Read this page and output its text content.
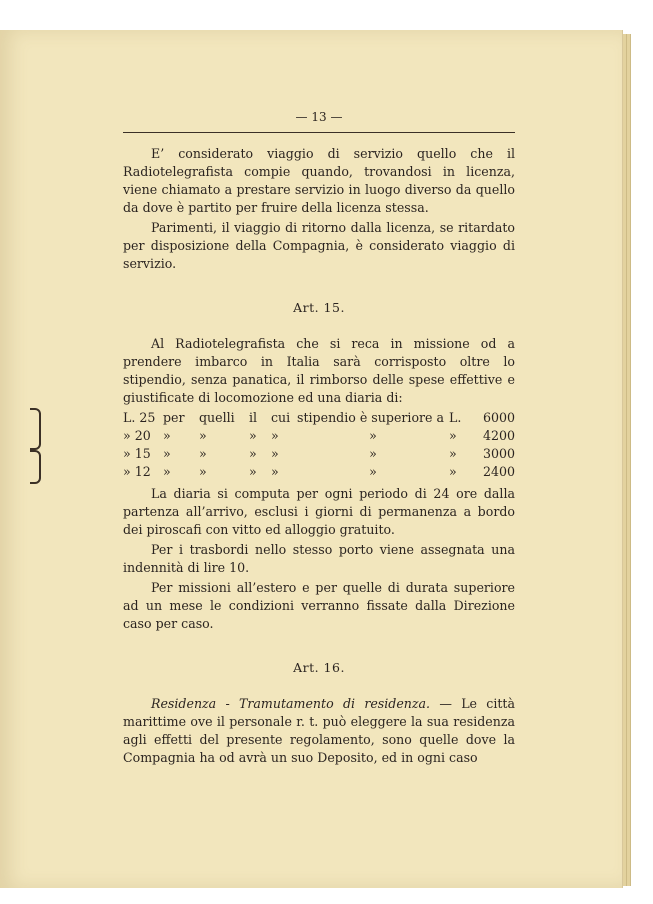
— 13 —

E’ considerato viaggio di servizio quello che il Radiotelegrafista compie quando, trovandosi in licenza, viene chiamato a prestare servizio in luogo diverso da quello da dove è partito per fruire della licenza stessa.

Parimenti, il viaggio di ritorno dalla licenza, se ritardato per disposizione della Compagnia, è considerato viaggio di servizio.

Art. 15.

Al Radiotelegrafista che si reca in missione od a prendere imbarco in Italia sarà corrisposto oltre lo stipendio, senza panatica, il rimborso delle spese effettive e giustificate di locomozione ed una diaria di:

L. 25	per	quelli	il	cui	stipendio è superiore a	L.	6000
» 20	»	»	»	»	»	»	4200
» 15	»	»	»	»	»	»	3000
» 12	»	»	»	»	»	»	2400

La diaria si computa per ogni periodo di 24 ore dalla partenza all’arrivo, esclusi i giorni di permanenza a bordo dei piroscafi con vitto ed alloggio gratuito.

Per i trasbordi nello stesso porto viene assegnata una indennità di lire 10.

Per missioni all’estero e per quelle di durata superiore ad un mese le condizioni verranno fissate dalla Direzione caso per caso.

Art. 16.

Residenza - Tramutamento di residenza. — Le città marittime ove il personale r. t. può eleggere la sua residenza agli effetti del presente regolamento, sono quelle dove la Compagnia ha od avrà un suo Deposito, ed in ogni caso
